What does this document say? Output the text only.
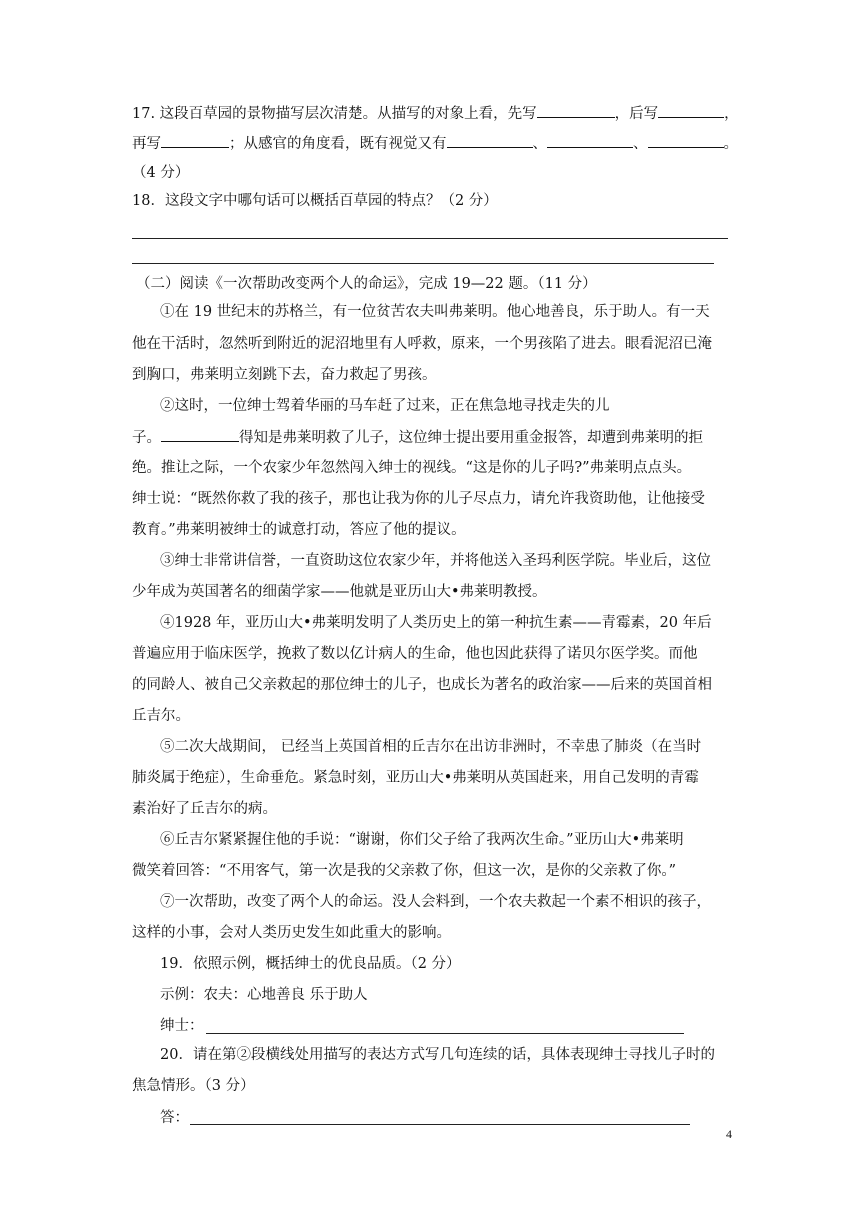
17. 这段百草园的景物描写层次清楚。从描写的对象上看，先写	，后写	，
再写	；从感官的角度看，既有视觉又有	、	、	。
（4 分）
18．这段文字中哪句话可以概括百草园的特点？（2 分）
（二）阅读《一次帮助改变两个人的命运》，完成 19—22 题。（11 分）
①在 19 世纪末的苏格兰，有一位贫苦农夫叫弗莱明。他心地善良，乐于助人。有一天
他在干活时，忽然听到附近的泥沼地里有人呼救，原来，一个男孩陷了进去。眼看泥沼已淹
到胸口，弗莱明立刻跳下去，奋力救起了男孩。
②这时，一位绅士驾着华丽的马车赶了过来，正在焦急地寻找走失的儿
子。	得知是弗莱明救了儿子，这位绅士提出要用重金报答，却遭到弗莱明的拒
绝。推让之际，一个农家少年忽然闯入绅士的视线。“这是你的儿子吗?”弗莱明点点头。
绅士说：“既然你救了我的孩子，那也让我为你的儿子尽点力，请允许我资助他，让他接受
教育。”弗莱明被绅士的诚意打动，答应了他的提议。
③绅士非常讲信誉，一直资助这位农家少年，并将他送入圣玛利医学院。毕业后，这位
少年成为英国著名的细菌学家——他就是亚历山大•弗莱明教授。
④1928 年，亚历山大•弗莱明发明了人类历史上的第一种抗生素——青霉素，20 年后
普遍应用于临床医学，挽救了数以亿计病人的生命，他也因此获得了诺贝尔医学奖。而他
的同龄人、被自己父亲救起的那位绅士的儿子，也成长为著名的政治家——后来的英国首相
丘吉尔。
⑤二次大战期间， 已经当上英国首相的丘吉尔在出访非洲时，不幸患了肺炎（在当时
肺炎属于绝症），生命垂危。紧急时刻，亚历山大•弗莱明从英国赶来，用自己发明的青霉
素治好了丘吉尔的病。
⑥丘吉尔紧紧握住他的手说：“谢谢，你们父子给了我两次生命。”亚历山大•弗莱明
微笑着回答：“不用客气，第一次是我的父亲救了你，但这一次，是你的父亲救了你。”
⑦一次帮助，改变了两个人的命运。没人会料到，一个农夫救起一个素不相识的孩子，
这样的小事，会对人类历史发生如此重大的影响。
19．依照示例，概括绅士的优良品质。（2 分）
示例：农夫：心地善良 乐于助人
绅士：
20．请在第②段横线处用描写的表达方式写几句连续的话，具体表现绅士寻找儿子时的
焦急情形。（3 分）
答：
4
